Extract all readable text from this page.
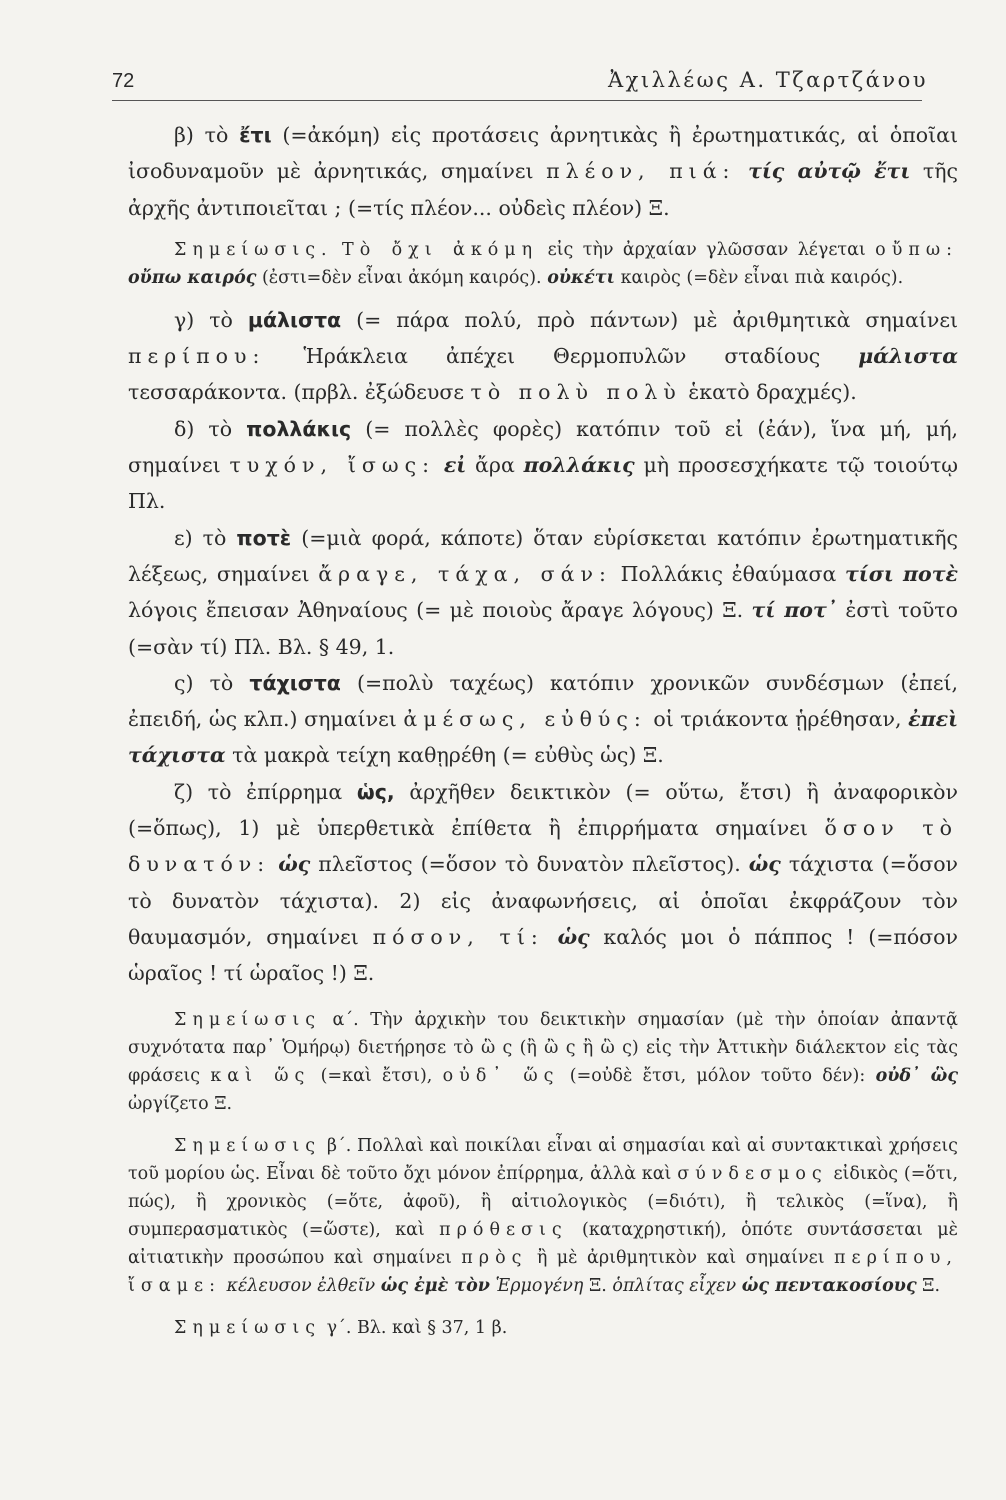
72	Ἀχιλλέως Α. Τζαρτζάνου

β) τὸ ἔτι (=ἀκόμη) εἰς προτάσεις ἀρνητικὰς ἢ ἐρωτηματικάς, αἱ ὁποῖαι ἰσοδυναμοῦν μὲ ἀρνητικάς, σημαίνει πλέον, πιά: τίς αὐτῷ ἔτι τῆς ἀρχῆς ἀντιποιεῖται ; (=τίς πλέον... οὐδεὶς πλέον) Ξ.

Σημείωσις. Τὸ ὄχι ἀκόμη εἰς τὴν ἀρχαίαν γλῶσσαν λέγεται οὔπω: οὔπω καιρός (ἐστι=δὲν εἶναι ἀκόμη καιρός). οὐκέτι καιρὸς (=δὲν εἶναι πιὰ καιρός).

γ) τὸ μάλιστα (= πάρα πολύ, πρὸ πάντων) μὲ ἀριθμητικὰ σημαίνει περίπου: Ἡράκλεια ἀπέχει Θερμοπυλῶν σταδίους μάλιστα τεσσαράκοντα. (πρβλ. ἐξώδευσε τὸ πολὺ πολὺ ἑκατὸ δραχμές).

δ) τὸ πολλάκις (= πολλὲς φορὲς) κατόπιν τοῦ εἰ (ἐάν), ἵνα μή, μή, σημαίνει τυχόν, ἴσως: εἰ ἄρα πολλάκις μὴ προσεσχήκατε τῷ τοιούτῳ Πλ.

ε) τὸ ποτὲ (=μιὰ φορά, κάποτε) ὅταν εὑρίσκεται κατόπιν ἐρωτηματικῆς λέξεως, σημαίνει ἄραγε, τάχα, σάν: Πολλάκις ἐθαύμασα τίσι ποτὲ λόγοις ἔπεισαν Ἀθηναίους (= μὲ ποιοὺς ἄραγε λόγους) Ξ. τί ποτ᾽ ἐστὶ τοῦτο (=σὰν τί) Πλ. Βλ. § 49, 1.

ς) τὸ τάχιστα (=πολὺ ταχέως) κατόπιν χρονικῶν συνδέσμων (ἐπεί, ἐπειδή, ὡς κλπ.) σημαίνει ἀμέσως, εὐθύς: οἱ τριάκοντα ᾑρέθησαν, ἐπεὶ τάχιστα τὰ μακρὰ τείχη καθῃρέθη (= εὐθὺς ὡς) Ξ.

ζ) τὸ ἐπίρρημα ὡς, ἀρχῆθεν δεικτικὸν (= οὕτω, ἔτσι) ἢ ἀναφορικὸν (=ὅπως), 1) μὲ ὑπερθετικὰ ἐπίθετα ἢ ἐπιρρήματα σημαίνει ὅσον τὸ δυνατόν: ὡς πλεῖστος (=ὅσον τὸ δυνατὸν πλεῖστος). ὡς τάχιστα (=ὅσον τὸ δυνατὸν τάχιστα). 2) εἰς ἀναφωνήσεις, αἱ ὁποῖαι ἐκφράζουν τὸν θαυμασμόν, σημαίνει πόσον, τί: ὡς καλός μοι ὁ πάππος ! (=πόσον ὡραῖος ! τί ὡραῖος !) Ξ.

Σημείωσις α΄. Τὴν ἀρχικὴν του δεικτικὴν σημασίαν (μὲ τὴν ὁποίαν ἀπαντᾷ συχνότατα παρ᾽ Ὁμήρῳ) διετήρησε τὸ ὣ ς (ἢ ὢ ς ἢ ὣ ς) εἰς τὴν Ἀττικὴν διάλεκτον εἰς τὰς φράσεις καὶ ὥς (=καὶ ἔτσι), οὐδ᾽ ὥς (=οὐδὲ ἔτσι, μόλον τοῦτο δέν): οὐδ᾽ ὣς ὠργίζετο Ξ.

Σημείωσις β΄. Πολλαὶ καὶ ποικίλαι εἶναι αἱ σημασίαι καὶ αἱ συντακτικαὶ χρήσεις τοῦ μορίου ὡς. Εἶναι δὲ τοῦτο ὄχι μόνον ἐπίρρημα, ἀλλὰ καὶ σύνδεσμος εἰδικὸς (=ὅτι, πώς), ἢ χρονικὸς (=ὅτε, ἀφοῦ), ἢ αἰτιολογικὸς (=διότι), ἢ τελικὸς (=ἵνα), ἢ συμπερασματικὸς (=ὥστε), καὶ πρόθεσις (καταχρηστική), ὁπότε συντάσσεται μὲ αἰτιατικὴν προσώπου καὶ σημαίνει πρὸς ἢ μὲ ἀριθμητικὸν καὶ σημαίνει περίπου, ἴσαμε: κέλευσον ἐλθεῖν ὡς ἐμὲ τὸν Ἑρμογένη Ξ. ὁπλίτας εἶχεν ὡς πεντακοσίους Ξ.

Σημείωσις γ΄. Βλ. καὶ § 37, 1 β.
